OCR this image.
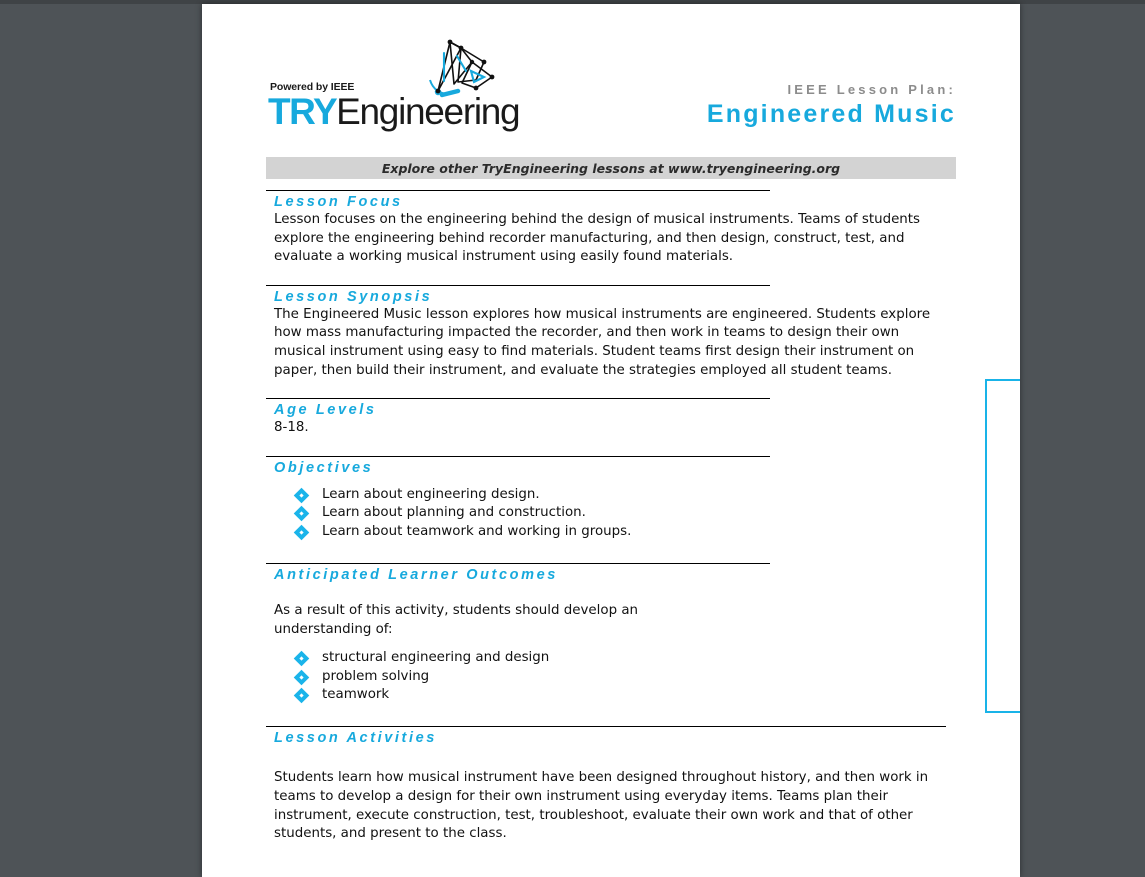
Powered by IEEE
TRYEngineering
IEEE Lesson Plan:
Engineered Music
Explore other TryEngineering lessons at www.tryengineering.org
Lesson Focus
Lesson focuses on the engineering behind the design of musical instruments. Teams of students explore the engineering behind recorder manufacturing, and then design, construct, test, and evaluate a working musical instrument using easily found materials.
Lesson Synopsis
The Engineered Music lesson explores how musical instruments are engineered. Students explore how mass manufacturing impacted the recorder, and then work in teams to design their own musical instrument using easy to find materials. Student teams first design their instrument on paper, then build their instrument, and evaluate the strategies employed all student teams.
Age Levels
8-18.
Objectives
Learn about engineering design.
Learn about planning and construction.
Learn about teamwork and working in groups.
Anticipated Learner Outcomes
As a result of this activity, students should develop an understanding of:
structural engineering and design
problem solving
teamwork
Lesson Activities
Students learn how musical instrument have been designed throughout history, and then work in teams to develop a design for their own instrument using everyday items. Teams plan their instrument, execute construction, test, troubleshoot, evaluate their own work and that of other students, and present to the class.
